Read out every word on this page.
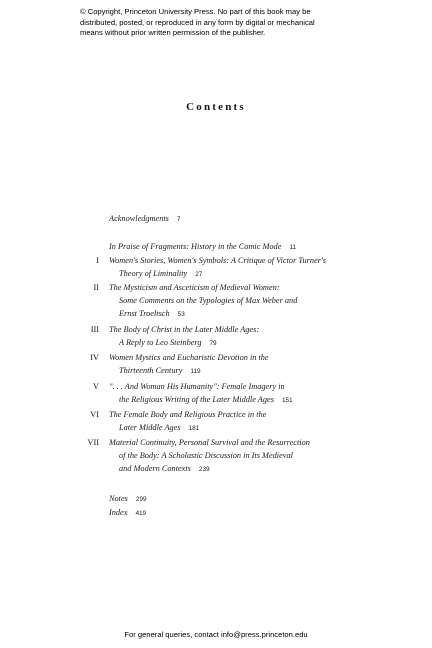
© Copyright, Princeton University Press. No part of this book may be
distributed, posted, or reproduced in any form by digital or mechanical
means without prior written permission of the publisher.
Contents
Acknowledgments 7
In Praise of Fragments: History in the Comic Mode 11
I Women's Stories, Women's Symbols: A Critique of Victor Turner's
Theory of Liminality 27
II The Mysticism and Asceticism of Medieval Women:
Some Comments on the Typologies of Max Weber and
Ernst Troeltsch 53
III The Body of Christ in the Later Middle Ages:
A Reply to Leo Steinberg 79
IV Women Mystics and Eucharistic Devotion in the
Thirteenth Century 119
V ". . . And Woman His Humanity": Female Imagery in
the Religious Writing of the Later Middle Ages 151
VI The Female Body and Religious Practice in the
Later Middle Ages 181
VII Material Continuity, Personal Survival and the Resurrection
of the Body: A Scholastic Discussion in Its Medieval
and Modern Contexts 239
Notes 299
Index 419
For general queries, contact info@press.princeton.edu
